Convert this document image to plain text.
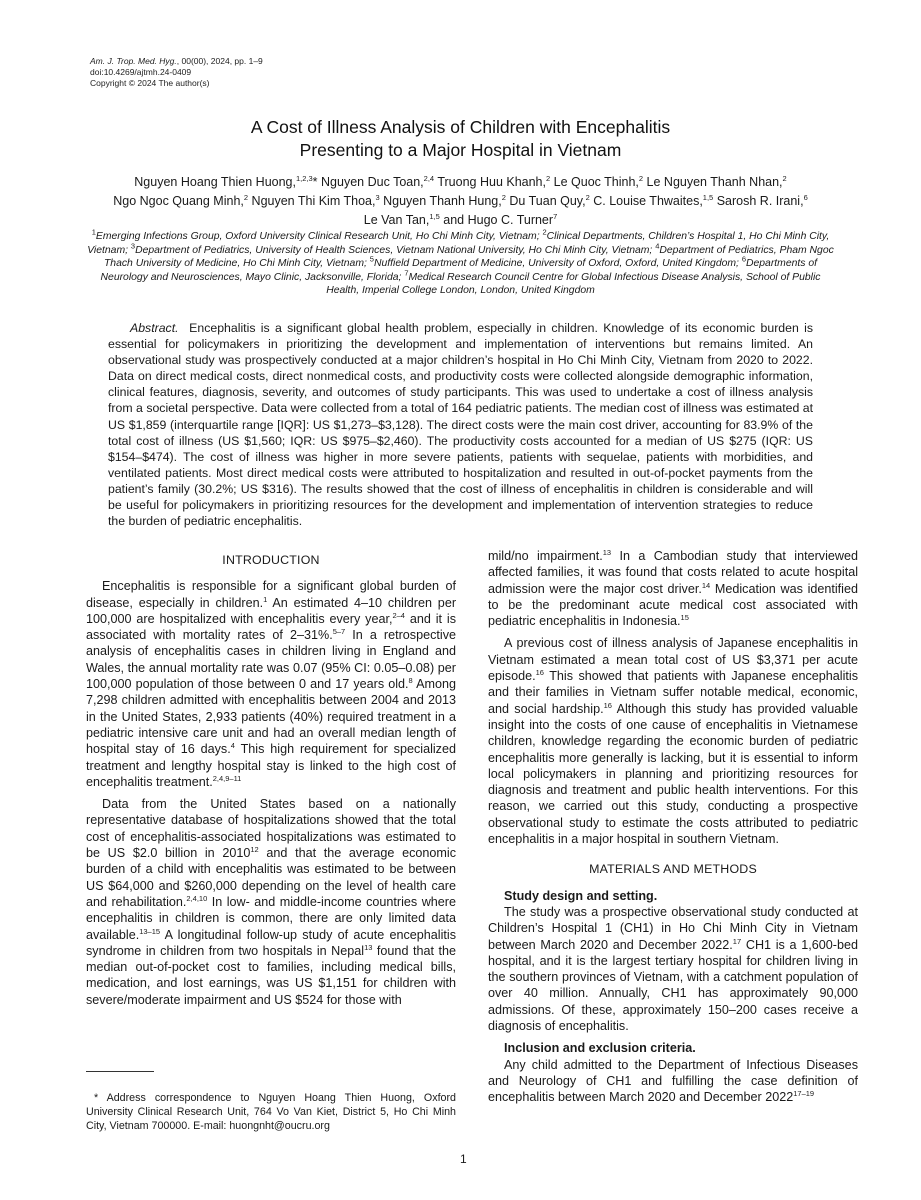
Am. J. Trop. Med. Hyg., 00(00), 2024, pp. 1–9
doi:10.4269/ajtmh.24-0409
Copyright © 2024 The author(s)
A Cost of Illness Analysis of Children with Encephalitis
Presenting to a Major Hospital in Vietnam
Nguyen Hoang Thien Huong,$^{1,2,3}$* Nguyen Duc Toan,$^{2,4}$ Truong Huu Khanh,$^2$ Le Quoc Thinh,$^2$ Le Nguyen Thanh Nhan,$^2$
Ngo Ngoc Quang Minh,$^2$ Nguyen Thi Kim Thoa,$^3$ Nguyen Thanh Hung,$^2$ Du Tuan Quy,$^2$ C. Louise Thwaites,$^{1,5}$ Sarosh R. Irani,$^6$
Le Van Tan,$^{1,5}$ and Hugo C. Turner$^7$
$^1$Emerging Infections Group, Oxford University Clinical Research Unit, Ho Chi Minh City, Vietnam; $^2$Clinical Departments, Children’s Hospital 1, Ho Chi Minh City, Vietnam; $^3$Department of Pediatrics, University of Health Sciences, Vietnam National University, Ho Chi Minh City, Vietnam; $^4$Department of Pediatrics, Pham Ngoc Thach University of Medicine, Ho Chi Minh City, Vietnam; $^5$Nuffield Department of Medicine, University of Oxford, Oxford, United Kingdom; $^6$Departments of Neurology and Neurosciences, Mayo Clinic, Jacksonville, Florida; $^7$Medical Research Council Centre for Global Infectious Disease Analysis, School of Public Health, Imperial College London, London, United Kingdom
Abstract. Encephalitis is a significant global health problem, especially in children. Knowledge of its economic burden is essential for policymakers in prioritizing the development and implementation of interventions but remains limited. An observational study was prospectively conducted at a major children’s hospital in Ho Chi Minh City, Vietnam from 2020 to 2022. Data on direct medical costs, direct nonmedical costs, and productivity costs were collected alongside demographic information, clinical features, diagnosis, severity, and outcomes of study participants. This was used to undertake a cost of illness analysis from a societal perspective. Data were collected from a total of 164 pediatric patients. The median cost of illness was estimated at US $1,859 (interquartile range [IQR]: US $1,273–$3,128). The direct costs were the main cost driver, accounting for 83.9% of the total cost of illness (US $1,560; IQR: US $975–$2,460). The productivity costs accounted for a median of US $275 (IQR: US $154–$474). The cost of illness was higher in more severe patients, patients with sequelae, patients with morbidities, and ventilated patients. Most direct medical costs were attributed to hospitalization and resulted in out-of-pocket payments from the patient’s family (30.2%; US $316). The results showed that the cost of illness of encephalitis in children is considerable and will be useful for policymakers in prioritizing resources for the development and implementation of intervention strategies to reduce the burden of pediatric encephalitis.
INTRODUCTION

Encephalitis is responsible for a significant global burden of disease, especially in children.$^1$ An estimated 4–10 children per 100,000 are hospitalized with encephalitis every year,$^{2-4}$ and it is associated with mortality rates of 2–31%.$^{5-7}$ In a retrospective analysis of encephalitis cases in children living in England and Wales, the annual mortality rate was 0.07 (95% CI: 0.05–0.08) per 100,000 population of those between 0 and 17 years old.$^8$ Among 7,298 children admitted with encephalitis between 2004 and 2013 in the United States, 2,933 patients (40%) required treatment in a pediatric intensive care unit and had an overall median length of hospital stay of 16 days.$^4$ This high requirement for specialized treatment and lengthy hospital stay is linked to the high cost of encephalitis treatment.$^{2,4,9-11}$

Data from the United States based on a nationally representative database of hospitalizations showed that the total cost of encephalitis-associated hospitalizations was estimated to be US $2.0 billion in 2010$^{12}$ and that the average economic burden of a child with encephalitis was estimated to be between US $64,000 and $260,000 depending on the level of health care and rehabilitation.$^{2,4,10}$ In low- and middle-income countries where encephalitis in children is common, there are only limited data available.$^{13-15}$ A longitudinal follow-up study of acute encephalitis syndrome in children from two hospitals in Nepal$^{13}$ found that the median out-of-pocket cost to families, including medical bills, medication, and lost earnings, was US $1,151 for children with severe/moderate impairment and US $524 for those with

mild/no impairment.$^{13}$ In a Cambodian study that interviewed affected families, it was found that costs related to acute hospital admission were the major cost driver.$^{14}$ Medication was identified to be the predominant acute medical cost associated with pediatric encephalitis in Indonesia.$^{15}$

A previous cost of illness analysis of Japanese encephalitis in Vietnam estimated a mean total cost of US $3,371 per acute episode.$^{16}$ This showed that patients with Japanese encephalitis and their families in Vietnam suffer notable medical, economic, and social hardship.$^{16}$ Although this study has provided valuable insight into the costs of one cause of encephalitis in Vietnamese children, knowledge regarding the economic burden of pediatric encephalitis more generally is lacking, but it is essential to inform local policymakers in planning and prioritizing resources for diagnosis and treatment and public health interventions. For this reason, we carried out this study, conducting a prospective observational study to estimate the costs attributed to pediatric encephalitis in a major hospital in southern Vietnam.

MATERIALS AND METHODS

Study design and setting.

The study was a prospective observational study conducted at Children’s Hospital 1 (CH1) in Ho Chi Minh City in Vietnam between March 2020 and December 2022.17 CH1 is a 1,600-bed hospital, and it is the largest tertiary hospital for children living in the southern provinces of Vietnam, with a catchment population of over 40 million. Annually, CH1 has approximately 90,000 admissions. Of these, approximately 150–200 cases receive a diagnosis of encephalitis.

Inclusion and exclusion criteria.

Any child admitted to the Department of Infectious Diseases and Neurology of CH1 and fulfilling the case definition of encephalitis between March 2020 and December 2022$^{17-19}$

* Address correspondence to Nguyen Hoang Thien Huong, Oxford University Clinical Research Unit, 764 Vo Van Kiet, District 5, Ho Chi Minh City, Vietnam 700000. E-mail: huongnht@oucru.org
1
